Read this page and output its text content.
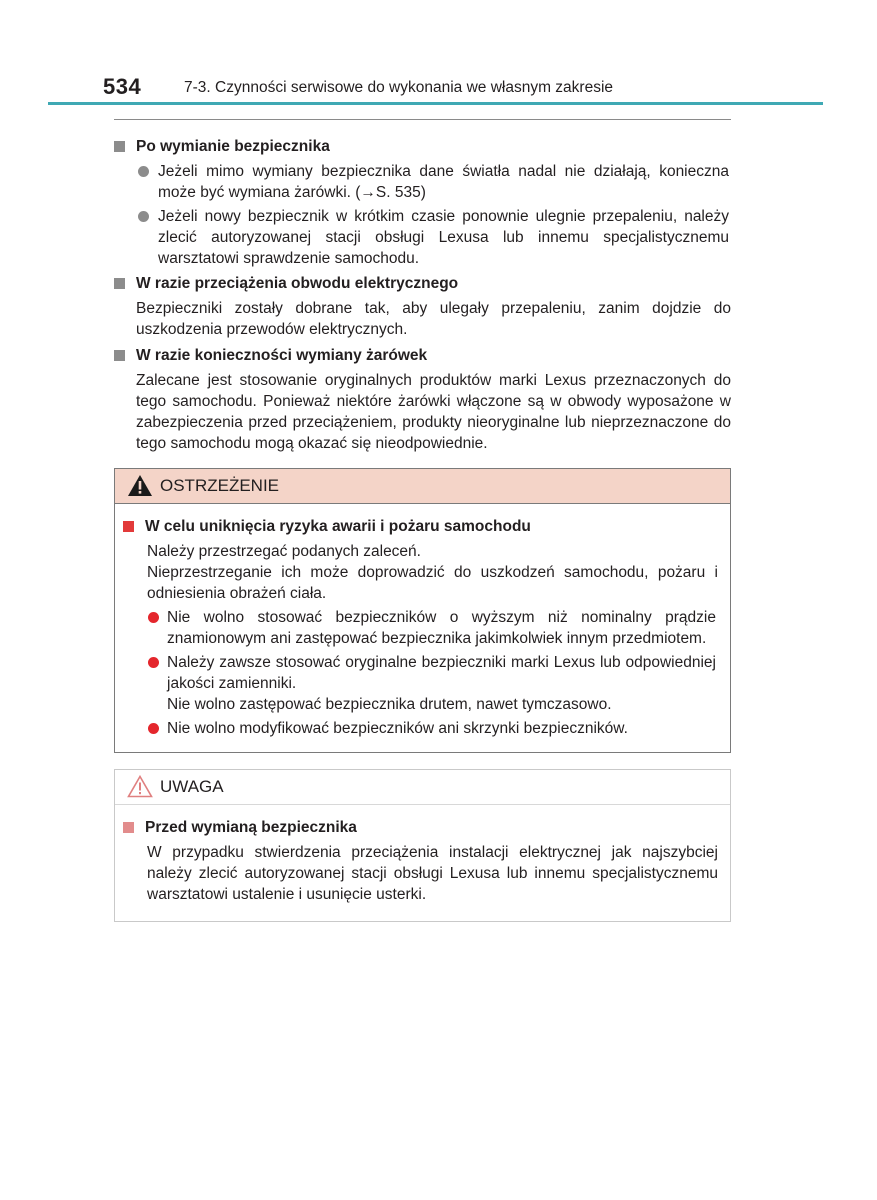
534	7-3. Czynności serwisowe do wykonania we własnym zakresie
Po wymianie bezpiecznika
Jeżeli mimo wymiany bezpiecznika dane światła nadal nie działają, konieczna może być wymiana żarówki. (→S. 535)
Jeżeli nowy bezpiecznik w krótkim czasie ponownie ulegnie przepaleniu, należy zlecić autoryzowanej stacji obsługi Lexusa lub innemu specjalistycznemu warsztatowi sprawdzenie samochodu.
W razie przeciążenia obwodu elektrycznego
Bezpieczniki zostały dobrane tak, aby ulegały przepaleniu, zanim dojdzie do uszkodzenia przewodów elektrycznych.
W razie konieczności wymiany żarówek
Zalecane jest stosowanie oryginalnych produktów marki Lexus przeznaczonych do tego samochodu. Ponieważ niektóre żarówki włączone są w obwody wyposażone w zabezpieczenia przed przeciążeniem, produkty nieoryginalne lub nieprzeznaczone do tego samochodu mogą okazać się nieodpowiednie.
OSTRZEŻENIE
W celu uniknięcia ryzyka awarii i pożaru samochodu
Należy przestrzegać podanych zaleceń.
Nieprzestrzeganie ich może doprowadzić do uszkodzeń samochodu, pożaru i odniesienia obrażeń ciała.
Nie wolno stosować bezpieczników o wyższym niż nominalny prądzie znamionowym ani zastępować bezpiecznika jakimkolwiek innym przedmiotem.
Należy zawsze stosować oryginalne bezpieczniki marki Lexus lub odpowiedniej jakości zamienniki.
Nie wolno zastępować bezpiecznika drutem, nawet tymczasowo.
Nie wolno modyfikować bezpieczników ani skrzynki bezpieczników.
UWAGA
Przed wymianą bezpiecznika
W przypadku stwierdzenia przeciążenia instalacji elektrycznej jak najszybciej należy zlecić autoryzowanej stacji obsługi Lexusa lub innemu specjalistycznemu warsztatowi ustalenie i usunięcie usterki.
